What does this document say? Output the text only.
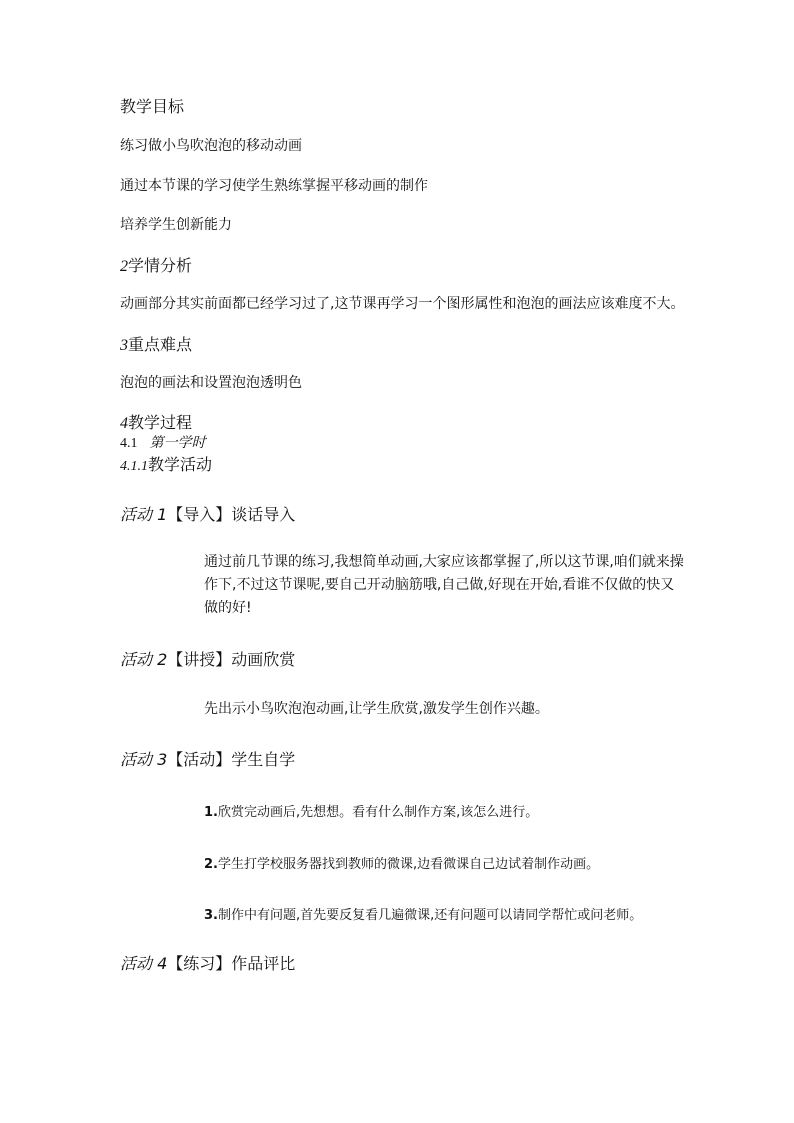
教学目标
练习做小鸟吹泡泡的移动动画
通过本节课的学习使学生熟练掌握平移动画的制作
培养学生创新能力
2学情分析
动画部分其实前面都已经学习过了,这节课再学习一个图形属性和泡泡的画法应该难度不大。
3重点难点
泡泡的画法和设置泡泡透明色
4教学过程
4.1 第一学时
4.1.1教学活动
活动 1【导入】谈话导入
通过前几节课的练习,我想简单动画,大家应该都掌握了,所以这节课,咱们就来操作下,不过这节课呢,要自己开动脑筋哦,自己做,好现在开始,看谁不仅做的快又做的好!
活动 2【讲授】动画欣赏
先出示小鸟吹泡泡动画,让学生欣赏,激发学生创作兴趣。
活动 3【活动】学生自学
1.欣赏完动画后,先想想。看有什么制作方案,该怎么进行。
2.学生打学校服务器找到教师的微课,边看微课自己边试着制作动画。
3.制作中有问题,首先要反复看几遍微课,还有问题可以请同学帮忙或问老师。
活动 4【练习】作品评比
